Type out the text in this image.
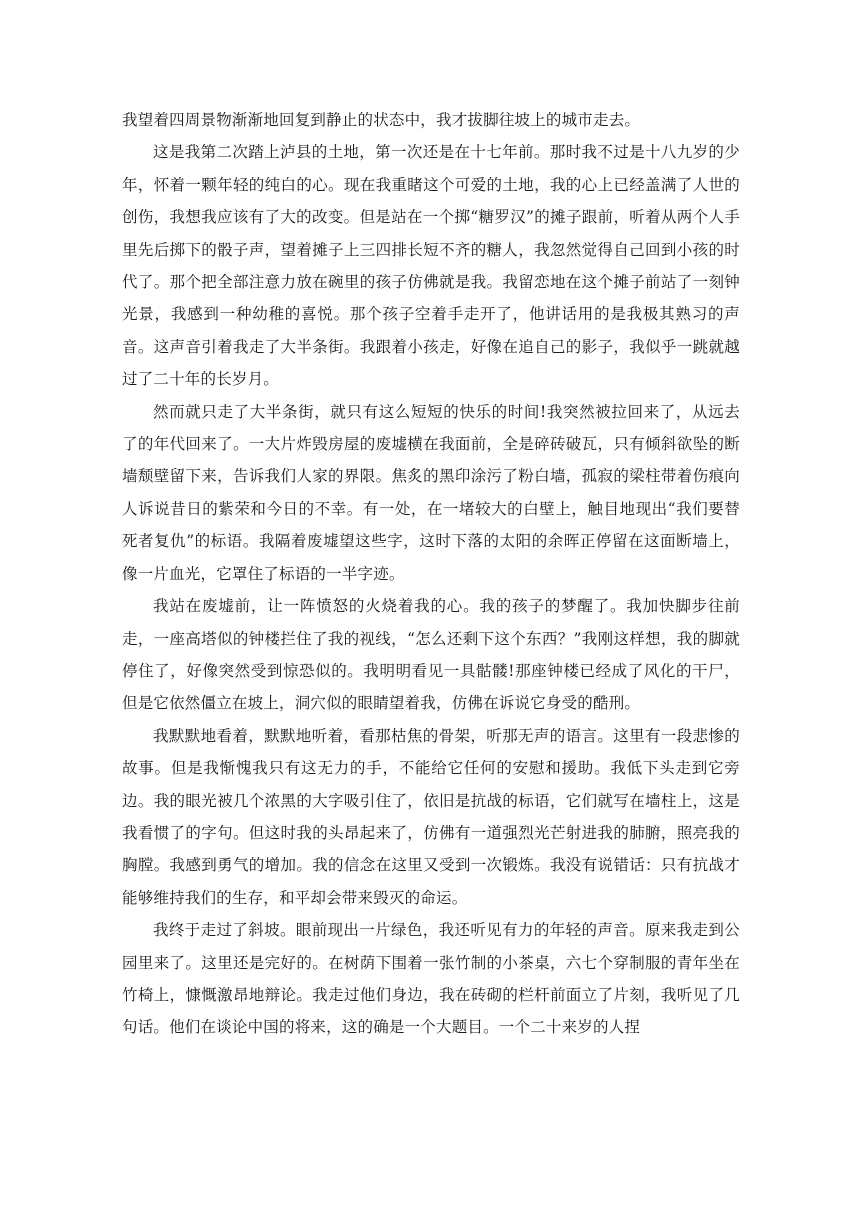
我望着四周景物渐渐地回复到静止的状态中，我才拔脚往坡上的城市走去。

这是我第二次踏上泸县的土地，第一次还是在十七年前。那时我不过是十八九岁的少年，怀着一颗年轻的纯白的心。现在我重睹这个可爱的土地，我的心上已经盖满了人世的创伤，我想我应该有了大的改变。但是站在一个掷“糖罗汉”的摊子跟前，听着从两个人手里先后掷下的骰子声，望着摊子上三四排长短不齐的糖人，我忽然觉得自己回到小孩的时代了。那个把全部注意力放在碗里的孩子仿佛就是我。我留恋地在这个摊子前站了一刻钟光景，我感到一种幼稚的喜悦。那个孩子空着手走开了，他讲话用的是我极其熟习的声音。这声音引着我走了大半条街。我跟着小孩走，好像在追自己的影子，我似乎一跳就越过了二十年的长岁月。

然而就只走了大半条街，就只有这么短短的快乐的时间!我突然被拉回来了，从远去了的年代回来了。一大片炸毁房屋的废墟横在我面前，全是碎砖破瓦，只有倾斜欲坠的断墙颓壁留下来，告诉我们人家的界限。焦炙的黑印涂污了粉白墙，孤寂的梁柱带着伤痕向人诉说昔日的紫荣和今日的不幸。有一处，在一堵较大的白壁上，触目地现出“我们要替死者复仇”的标语。我隔着废墟望这些字，这时下落的太阳的余晖正停留在这面断墙上，像一片血光，它罩住了标语的一半字迹。

我站在废墟前，让一阵愤怒的火烧着我的心。我的孩子的梦醒了。我加快脚步往前走，一座高塔似的钟楼拦住了我的视线，“怎么还剩下这个东西？”我刚这样想，我的脚就停住了，好像突然受到惊恐似的。我明明看见一具骷髅!那座钟楼已经成了风化的干尸，但是它依然僵立在坡上，洞穴似的眼睛望着我，仿佛在诉说它身受的酷刑。

我默默地看着，默默地听着，看那枯焦的骨架，听那无声的语言。这里有一段悲惨的故事。但是我惭愧我只有这无力的手，不能给它任何的安慰和援助。我低下头走到它旁边。我的眼光被几个浓黑的大字吸引住了，依旧是抗战的标语，它们就写在墙柱上，这是我看惯了的字句。但这时我的头昂起来了，仿佛有一道强烈光芒射进我的肺腑，照亮我的胸膛。我感到勇气的增加。我的信念在这里又受到一次锻炼。我没有说错话：只有抗战才能够维持我们的生存，和平却会带来毁灭的命运。

我终于走过了斜坡。眼前现出一片绿色，我还听见有力的年轻的声音。原来我走到公园里来了。这里还是完好的。在树荫下围着一张竹制的小茶桌，六七个穿制服的青年坐在竹椅上，慷慨激昂地辩论。我走过他们身边，我在砖砌的栏杆前面立了片刻，我听见了几句话。他们在谈论中国的将来，这的确是一个大题目。一个二十来岁的人捏
